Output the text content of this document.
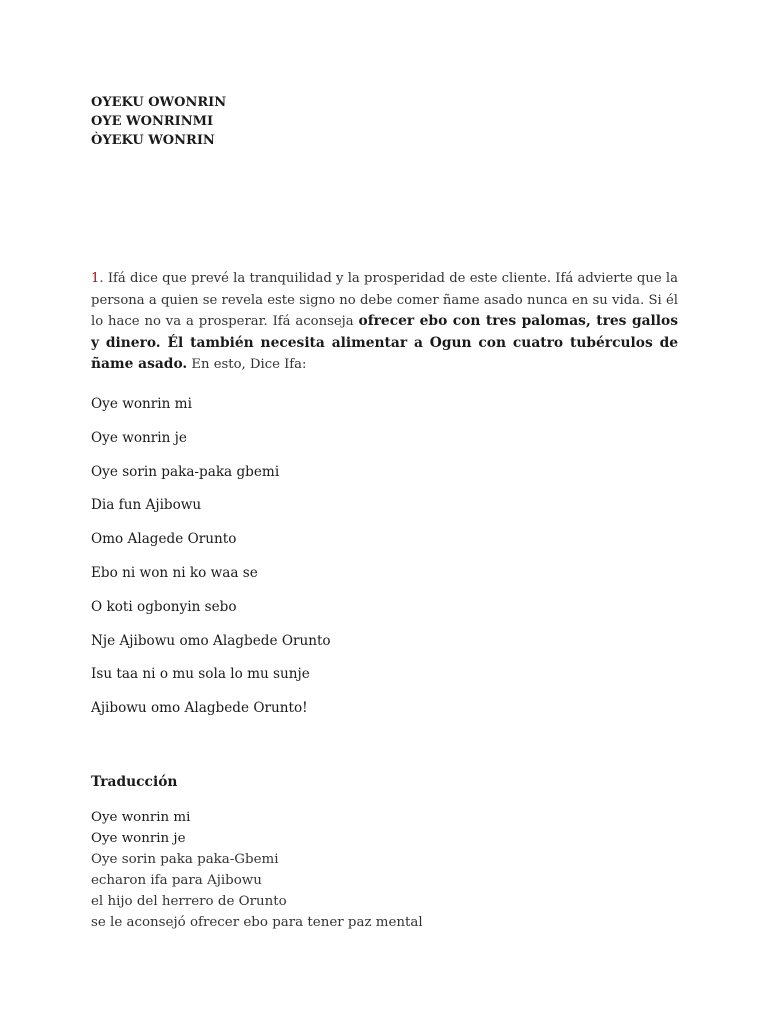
OYEKU OWONRIN
OYE WONRINMI
ÒYEKU WONRIN

1. Ifá dice que prevé la tranquilidad y la prosperidad de este cliente. Ifá advierte que la persona a quien se revela este signo no debe comer ñame asado nunca en su vida. Si él lo hace no va a prosperar. Ifá aconseja ofrecer ebo con tres palomas, tres gallos y dinero. Él también necesita alimentar a Ogun con cuatro tubérculos de ñame asado. En esto, Dice Ifa:

Oye wonrin mi
Oye wonrin je
Oye sorin paka-paka gbemi
Dia fun Ajibowu
Omo Alagede Orunto
Ebo ni won ni ko waa se
O koti ogbonyin sebo
Nje Ajibowu omo Alagbede Orunto
Isu taa ni o mu sola lo mu sunje
Ajibowu omo Alagbede Orunto!
Traducción
Oye wonrin mi
Oye wonrin je
Oye sorin paka paka-Gbemi
echaron ifa para Ajibowu
el hijo del herrero de Orunto
se le aconsejó ofrecer ebo para tener paz mental
